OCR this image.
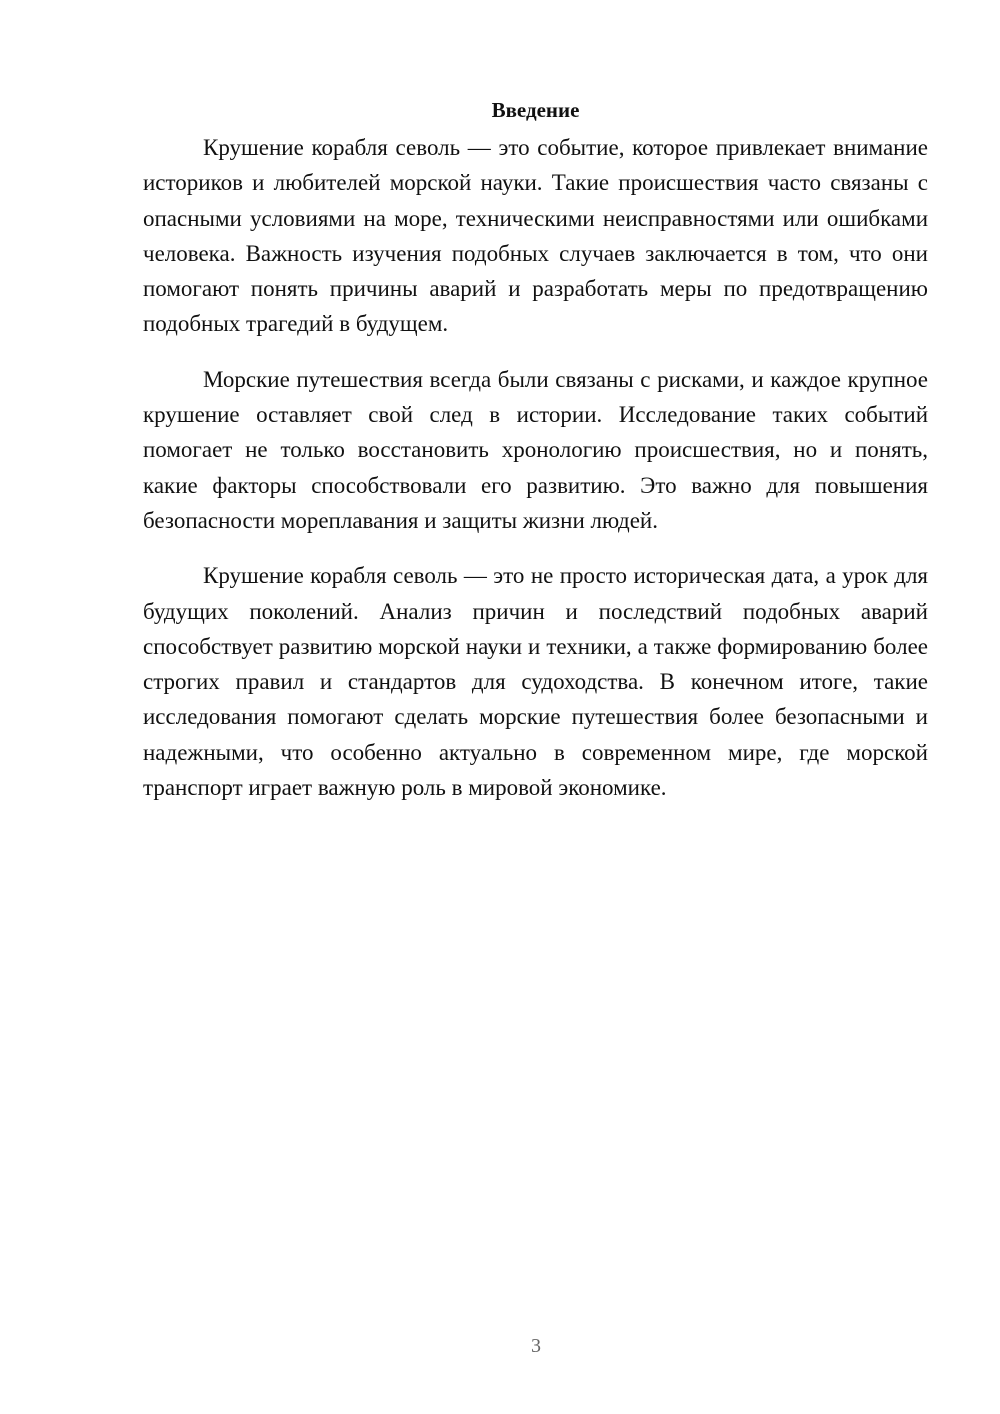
Введение

Крушение корабля севоль — это событие, которое привлекает внимание историков и любителей морской науки. Такие происшествия часто связаны с опасными условиями на море, техническими неисправностями или ошибками человека. Важность изучения подобных случаев заключается в том, что они помогают понять причины аварий и разработать меры по предотвращению подобных трагедий в будущем.

Морские путешествия всегда были связаны с рисками, и каждое крупное крушение оставляет свой след в истории. Исследование таких событий помогает не только восстановить хронологию происшествия, но и понять, какие факторы способствовали его развитию. Это важно для повышения безопасности мореплавания и защиты жизни людей.

Крушение корабля севоль — это не просто историческая дата, а урок для будущих поколений. Анализ причин и последствий подобных аварий способствует развитию морской науки и техники, а также формированию более строгих правил и стандартов для судоходства. В конечном итоге, такие исследования помогают сделать морские путешествия более безопасными и надежными, что особенно актуально в современном мире, где морской транспорт играет важную роль в мировой экономике.

3
